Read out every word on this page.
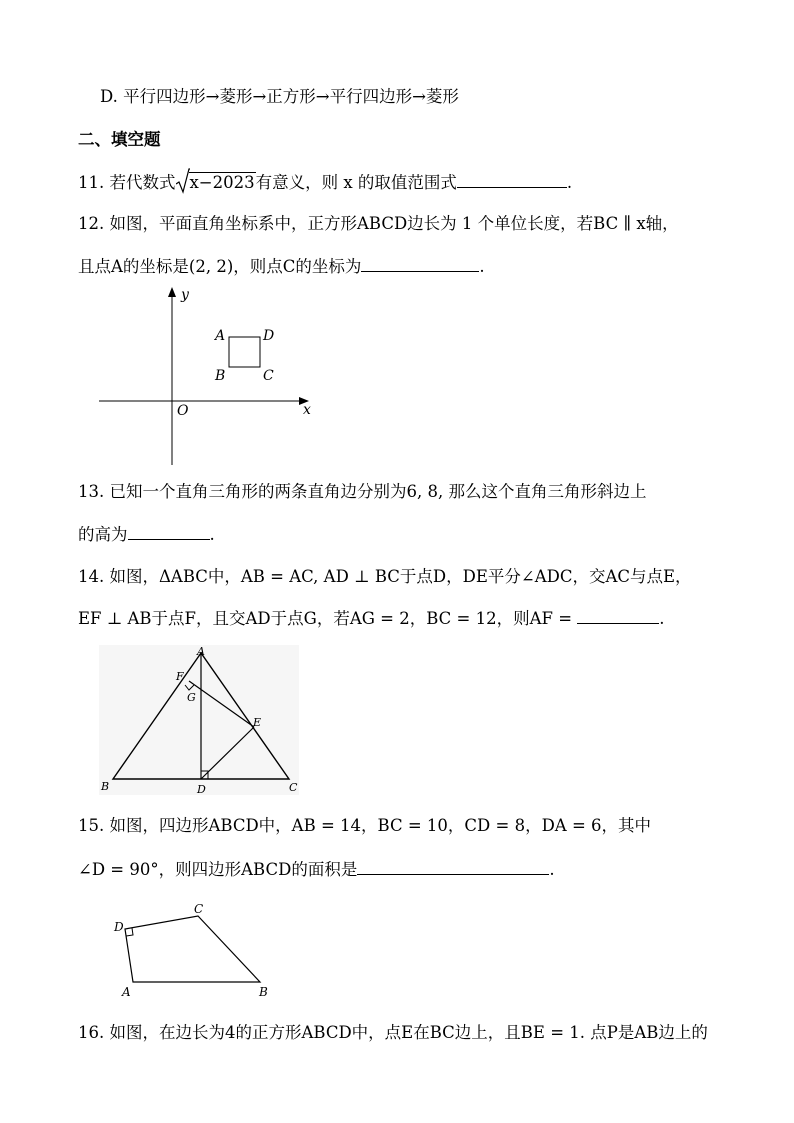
D. 平行四边形→菱形→正方形→平行四边形→菱形
二、填空题
11. 若代数式 x−2023有意义，则 x 的取值范围式	.
12. 如图，平面直角坐标系中，正方形ABCD边长为 1 个单位长度，若BC ∥ x轴，
且点A的坐标是(2, 2)，则点C的坐标为	.
y
x
O
A	D
B	C
13. 已知一个直角三角形的两条直角边分别为6, 8, 那么这个直角三角形斜边上
的高为	.
14. 如图，ΔABC中，AB = AC, AD ⊥ BC于点D，DE平分∠ADC，交AC与点E，
EF ⊥ AB于点F，且交AD于点G，若AG = 2，BC = 12，则AF =	.
A
F
G
E
B	D	C
15. 如图，四边形ABCD中，AB = 14，BC = 10，CD = 8，DA = 6，其中
∠D = 90°，则四边形ABCD的面积是	.
D
C
A	B
16. 如图，在边长为4的正方形ABCD中，点E在BC边上，且BE = 1. 点P是AB边上的
